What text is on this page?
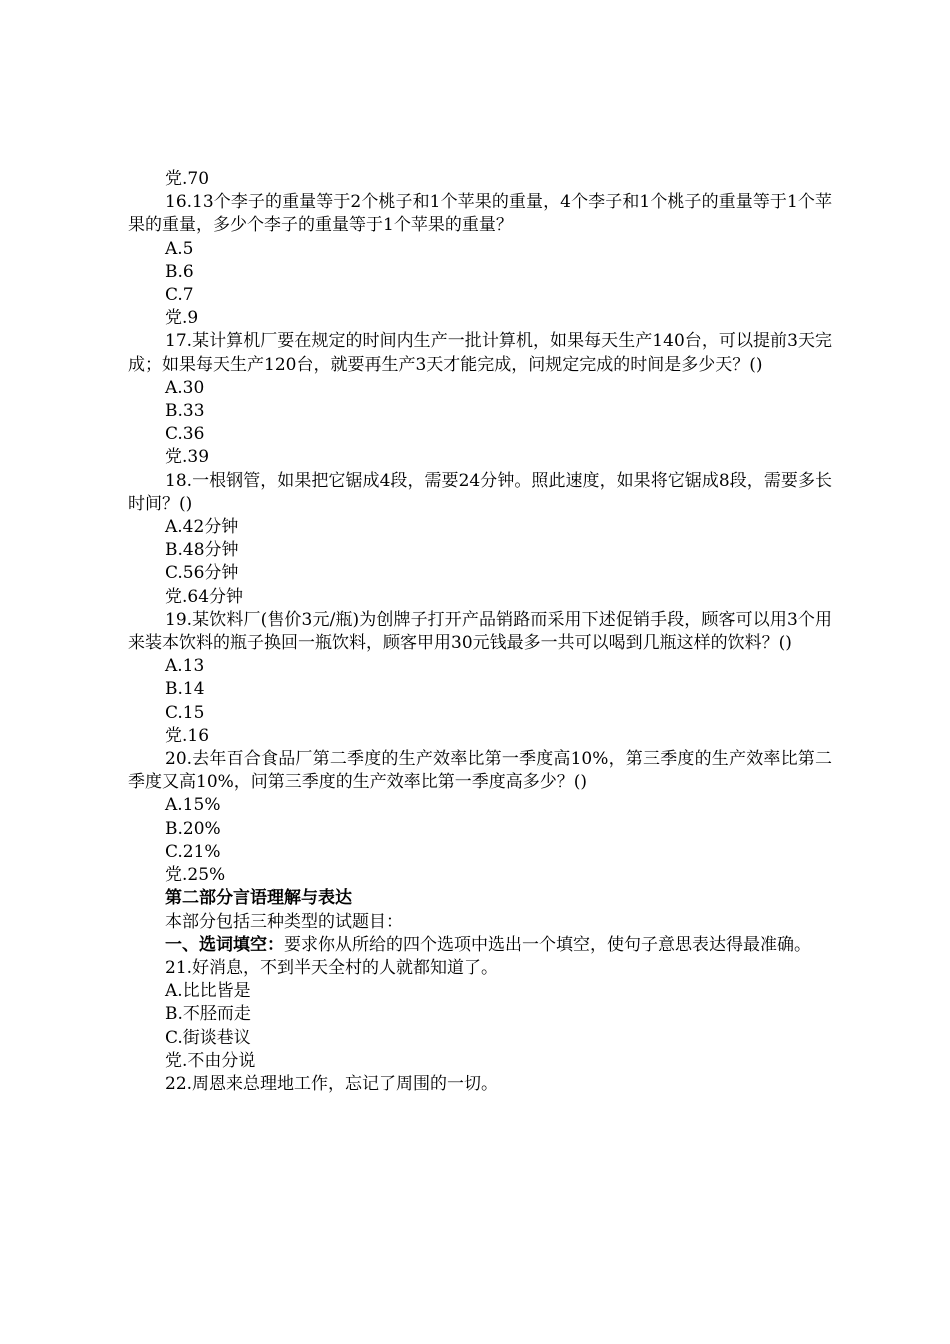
党.70

16.13个李子的重量等于2个桃子和1个苹果的重量，4个李子和1个桃子的重量等于1个苹果的重量，多少个李子的重量等于1个苹果的重量？

A.5

B.6

C.7

党.9

17.某计算机厂要在规定的时间内生产一批计算机，如果每天生产140台，可以提前3天完成；如果每天生产120台，就要再生产3天才能完成，问规定完成的时间是多少天？()

A.30

B.33

C.36

党.39

18.一根钢管，如果把它锯成4段，需要24分钟。照此速度，如果将它锯成8段，需要多长时间？()

A.42分钟

B.48分钟

C.56分钟

党.64分钟

19.某饮料厂(售价3元/瓶)为创牌子打开产品销路而采用下述促销手段，顾客可以用3个用来装本饮料的瓶子换回一瓶饮料，顾客甲用30元钱最多一共可以喝到几瓶这样的饮料？()

A.13

B.14

C.15

党.16

20.去年百合食品厂第二季度的生产效率比第一季度高10%，第三季度的生产效率比第二季度又高10%，问第三季度的生产效率比第一季度高多少？()

A.15%

B.20%

C.21%

党.25%

第二部分言语理解与表达

本部分包括三种类型的试题目：

一、选词填空：要求你从所给的四个选项中选出一个填空，使句子意思表达得最准确。

21.好消息，不到半天全村的人就都知道了。

A.比比皆是

B.不胫而走

C.街谈巷议

党.不由分说

22.周恩来总理地工作，忘记了周围的一切。
